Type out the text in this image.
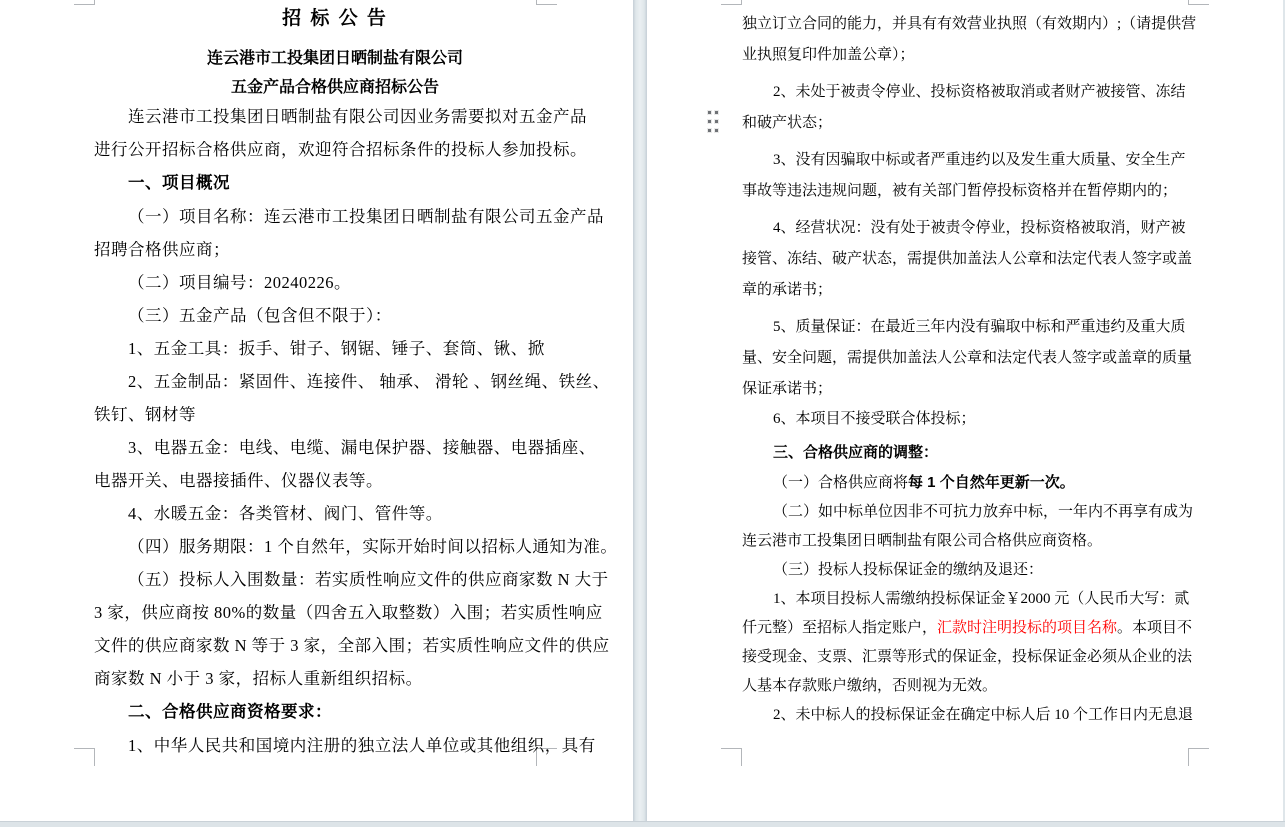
招 标 公 告
连云港市工投集团日晒制盐有限公司
五金产品合格供应商招标公告
连云港市工投集团日晒制盐有限公司因业务需要拟对五金产品
进行公开招标合格供应商，欢迎符合招标条件的投标人参加投标。
一、项目概况
（一）项目名称：连云港市工投集团日晒制盐有限公司五金产品
招聘合格供应商；
（二）项目编号：20240226。
（三）五金产品（包含但不限于）：
1、五金工具：扳手、钳子、钢锯、锤子、套筒、锹、掀
2、五金制品：紧固件、连接件、 轴承、 滑轮 、钢丝绳、铁丝、
铁钉、钢材等
3、电器五金：电线、电缆、漏电保护器、接触器、电器插座、
电器开关、电器接插件、仪器仪表等。
4、水暖五金：各类管材、阀门、管件等。
（四）服务期限：1 个自然年，实际开始时间以招标人通知为准。
（五）投标人入围数量：若实质性响应文件的供应商家数 N 大于
3 家，供应商按 80%的数量（四舍五入取整数）入围；若实质性响应
文件的供应商家数 N 等于 3 家，全部入围；若实质性响应文件的供应
商家数 N 小于 3 家，招标人重新组织招标。
二、合格供应商资格要求：
1、中华人民共和国境内注册的独立法人单位或其他组织，具有
独立订立合同的能力，并具有有效营业执照（有效期内）;（请提供营
业执照复印件加盖公章）；
2、未处于被责令停业、投标资格被取消或者财产被接管、冻结
和破产状态；
3、没有因骗取中标或者严重违约以及发生重大质量、安全生产
事故等违法违规问题，被有关部门暂停投标资格并在暂停期内的；
4、经营状况：没有处于被责令停业，投标资格被取消，财产被
接管、冻结、破产状态，需提供加盖法人公章和法定代表人签字或盖
章的承诺书；
5、质量保证：在最近三年内没有骗取中标和严重违约及重大质
量、安全问题，需提供加盖法人公章和法定代表人签字或盖章的质量
保证承诺书；
6、本项目不接受联合体投标；
三、合格供应商的调整：
（一）合格供应商将每 1 个自然年更新一次。
（二）如中标单位因非不可抗力放弃中标，一年内不再享有成为
连云港市工投集团日晒制盐有限公司合格供应商资格。
（三）投标人投标保证金的缴纳及退还：
1、本项目投标人需缴纳投标保证金￥2000 元（人民币大写：贰
仟元整）至招标人指定账户，汇款时注明投标的项目名称。本项目不
接受现金、支票、汇票等形式的保证金，投标保证金必须从企业的法
人基本存款账户缴纳，否则视为无效。
2、未中标人的投标保证金在确定中标人后 10 个工作日内无息退
